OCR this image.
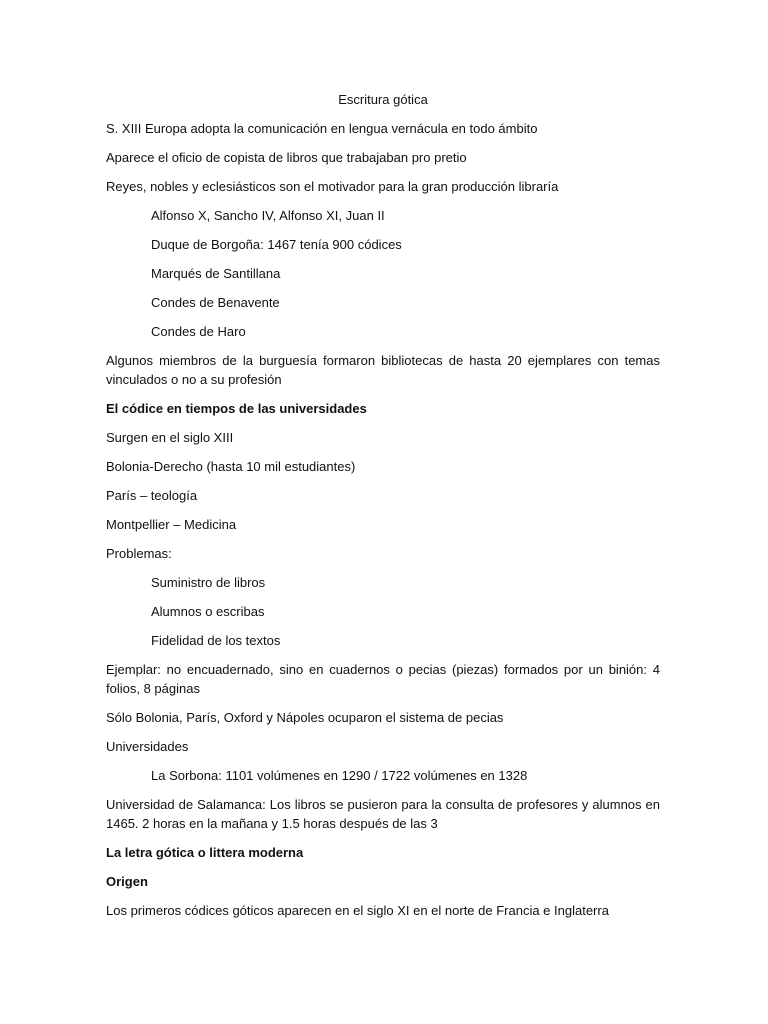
Escritura gótica
S. XIII Europa adopta la comunicación en lengua vernácula en todo ámbito
Aparece el oficio de copista de libros que trabajaban pro pretio
Reyes, nobles y eclesiásticos son el motivador para la gran producción libraría
Alfonso X, Sancho IV, Alfonso XI, Juan II
Duque de Borgoña: 1467 tenía 900 códices
Marqués de Santillana
Condes de Benavente
Condes de Haro
Algunos miembros de la burguesía formaron bibliotecas de hasta 20 ejemplares con temas vinculados o no a su profesión
El códice en tiempos de las universidades
Surgen en el siglo XIII
Bolonia-Derecho (hasta 10 mil estudiantes)
París – teología
Montpellier – Medicina
Problemas:
Suministro de libros
Alumnos o escribas
Fidelidad de los textos
Ejemplar: no encuadernado, sino en cuadernos o pecias (piezas) formados por un binión: 4 folios, 8 páginas
Sólo Bolonia, París, Oxford y Nápoles ocuparon el sistema de pecias
Universidades
La Sorbona: 1101 volúmenes en 1290 / 1722 volúmenes en 1328
Universidad de Salamanca: Los libros se pusieron para la consulta de profesores y alumnos en 1465. 2 horas en la mañana y 1.5 horas después de las 3
La letra gótica o littera moderna
Origen
Los primeros códices góticos aparecen en el siglo XI en el norte de Francia e Inglaterra
